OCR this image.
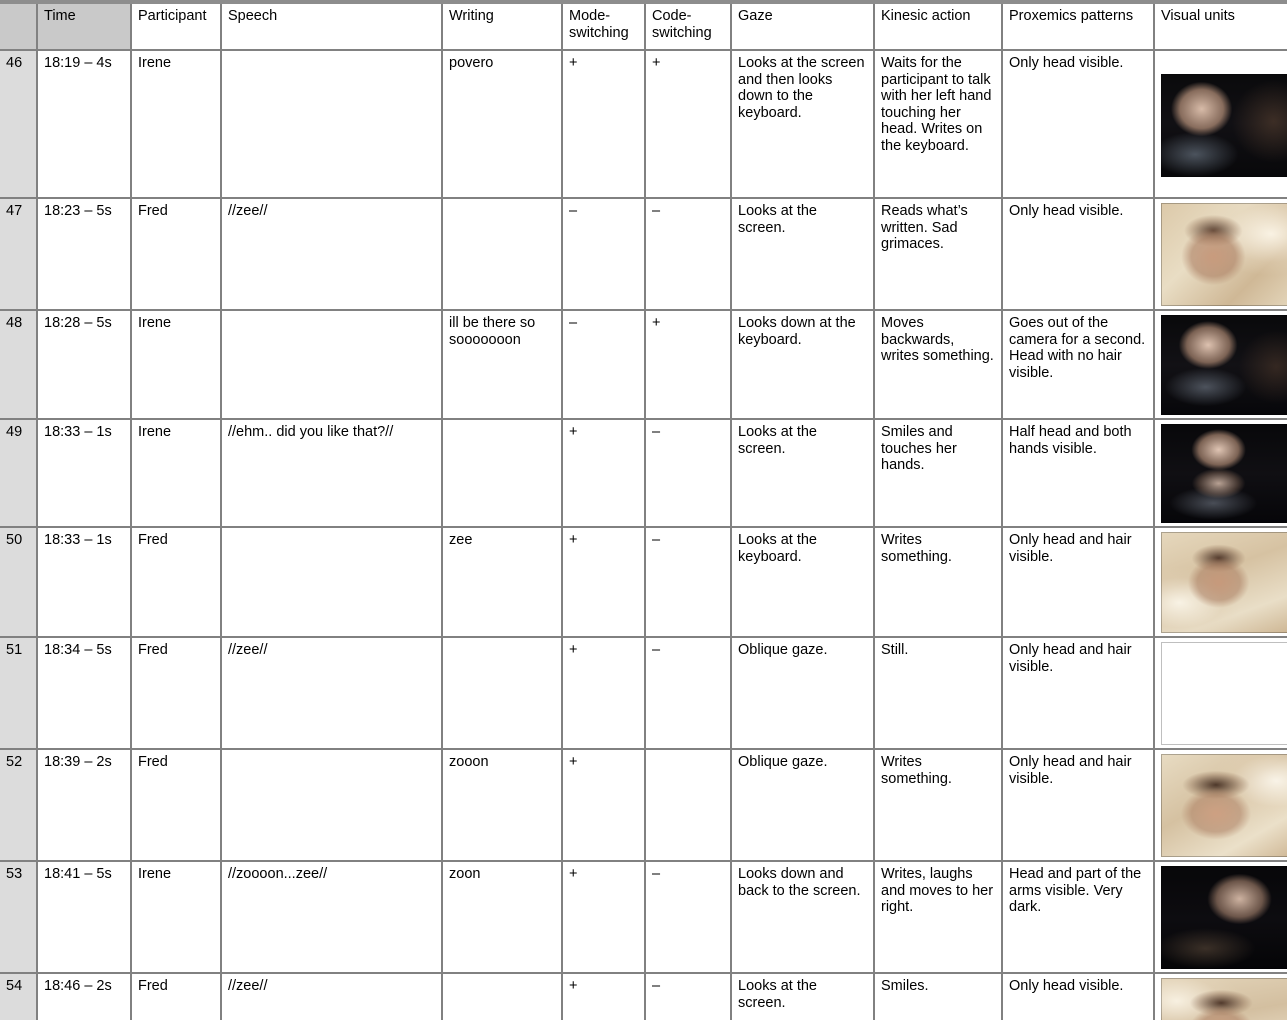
	Time	Participant	Speech	Writing	Mode-switching	Code-switching	Gaze	Kinesic action	Proxemics patterns	Visual units
46	18:19 – 4s	Irene		povero	+	+	Looks at the screen and then looks down to the keyboard.	Waits for the participant to talk with her left hand touching her head. Writes on the keyboard.	Only head visible.	

47	18:23 – 5s	Fred	//zee//		–	–	Looks at the screen.	Reads what’s written. Sad grimaces.	Only head visible.	

48	18:28 – 5s	Irene		ill be there so sooooooon	–	+	Looks down at the keyboard.	Moves backwards, writes something.	Goes out of the camera for a second. Head with no hair visible.	

49	18:33 – 1s	Irene	//ehm.. did you like that?//		+	–	Looks at the screen.	Smiles and touches her hands.	Half head and both hands visible.	

50	18:33 – 1s	Fred		zee	+	–	Looks at the keyboard.	Writes something.	Only head and hair visible.	

51	18:34 – 5s	Fred	//zee//		+	–	Oblique gaze.	Still.	Only head and hair visible.	

52	18:39 – 2s	Fred		zooon	+		Oblique gaze.	Writes something.	Only head and hair visible.	

53	18:41 – 5s	Irene	//zoooon...zee//	zoon	+	–	Looks down and back to the screen.	Writes, laughs and moves to her right.	Head and part of the arms visible. Very dark.	

54	18:46 – 2s	Fred	//zee//		+	–	Looks at the screen.	Smiles.	Only head visible.	
